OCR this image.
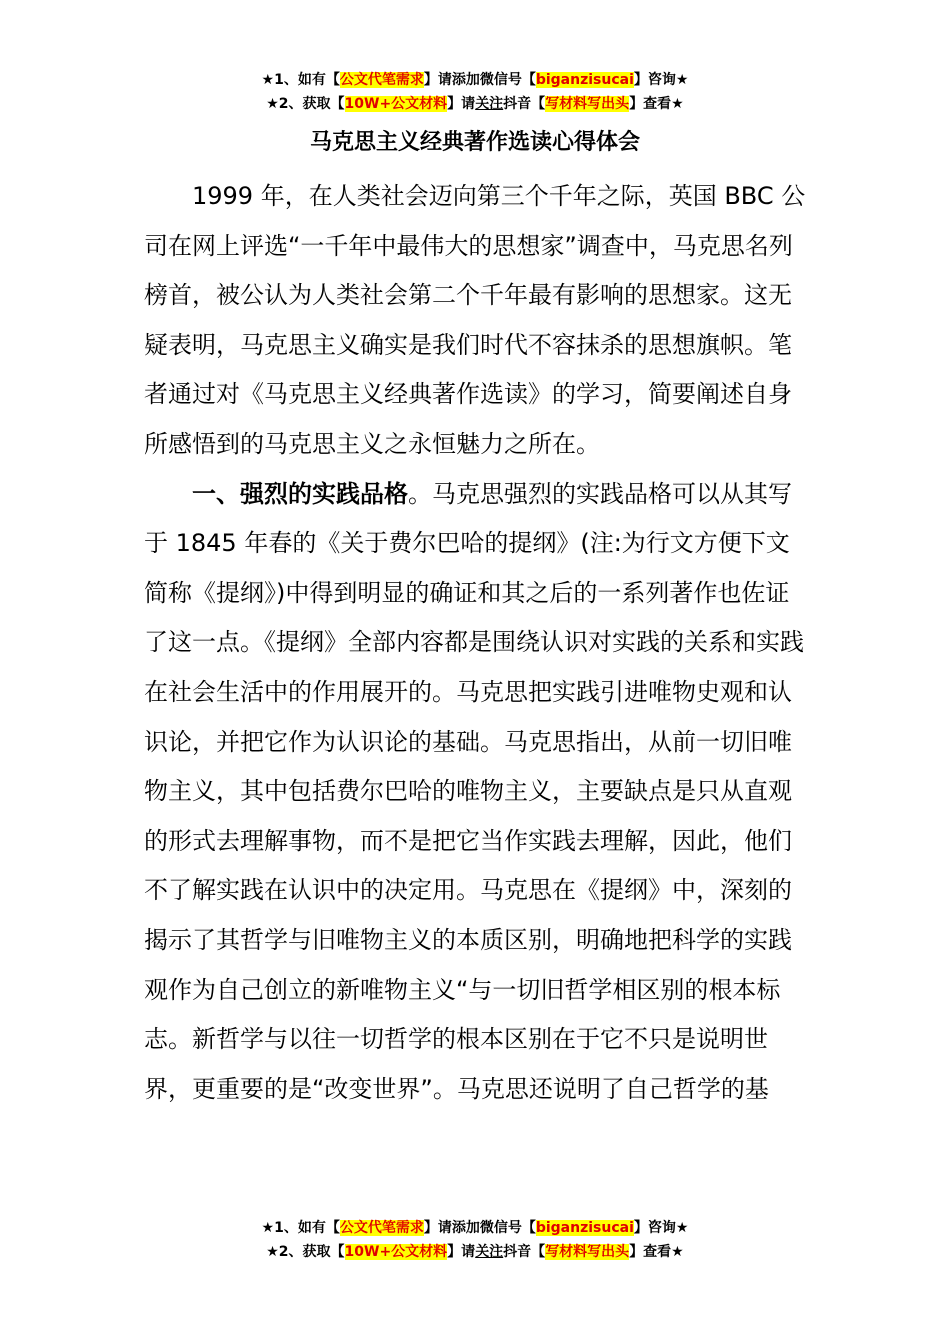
★1、如有【公文代笔需求】请添加微信号【biganzisucai】咨询★
★2、获取【10W+公文材料】请关注抖音【写材料写出头】查看★
马克思主义经典著作选读心得体会

1999 年，在人类社会迈向第三个千年之际，英国 BBC 公司在网上评选“一千年中最伟大的思想家”调查中，马克思名列榜首，被公认为人类社会第二个千年最有影响的思想家。这无疑表明，马克思主义确实是我们时代不容抹杀的思想旗帜。笔者通过对《马克思主义经典著作选读》的学习，简要阐述自身所感悟到的马克思主义之永恒魅力之所在。

一、强烈的实践品格。马克思强烈的实践品格可以从其写于 1845 年春的《关于费尔巴哈的提纲》(注:为行文方便下文简称《提纲》)中得到明显的确证和其之后的一系列著作也佐证了这一点。《提纲》全部内容都是围绕认识对实践的关系和实践在社会生活中的作用展开的。马克思把实践引进唯物史观和认识论，并把它作为认识论的基础。马克思指出，从前一切旧唯物主义，其中包括费尔巴哈的唯物主义，主要缺点是只从直观的形式去理解事物，而不是把它当作实践去理解，因此，他们不了解实践在认识中的决定用。马克思在《提纲》中，深刻的揭示了其哲学与旧唯物主义的本质区别，明确地把科学的实践观作为自己创立的新唯物主义“与一切旧哲学相区别的根本标志。新哲学与以往一切哲学的根本区别在于它不只是说明世界，更重要的是“改变世界”。马克思还说明了自己哲学的基

★1、如有【公文代笔需求】请添加微信号【biganzisucai】咨询★
★2、获取【10W+公文材料】请关注抖音【写材料写出头】查看★
